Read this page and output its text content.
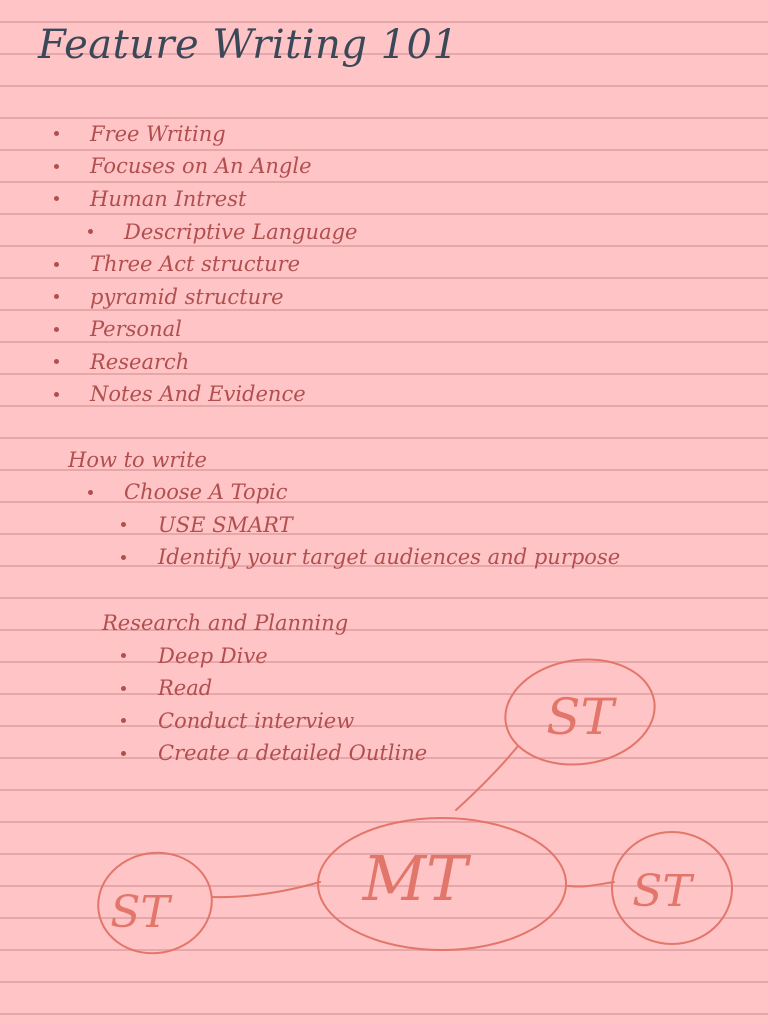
Feature Writing 101
Free Writing
Focuses on An Angle
Human Intrest
Descriptive Language
Three Act structure
pyramid structure
Personal
Research
Notes And Evidence
How to write
Choose A Topic
USE SMART
Identify your target audiences and purpose
Research and Planning
Deep Dive
Read
Conduct interview
Create a detailed Outline
ST
MT
ST	ST
